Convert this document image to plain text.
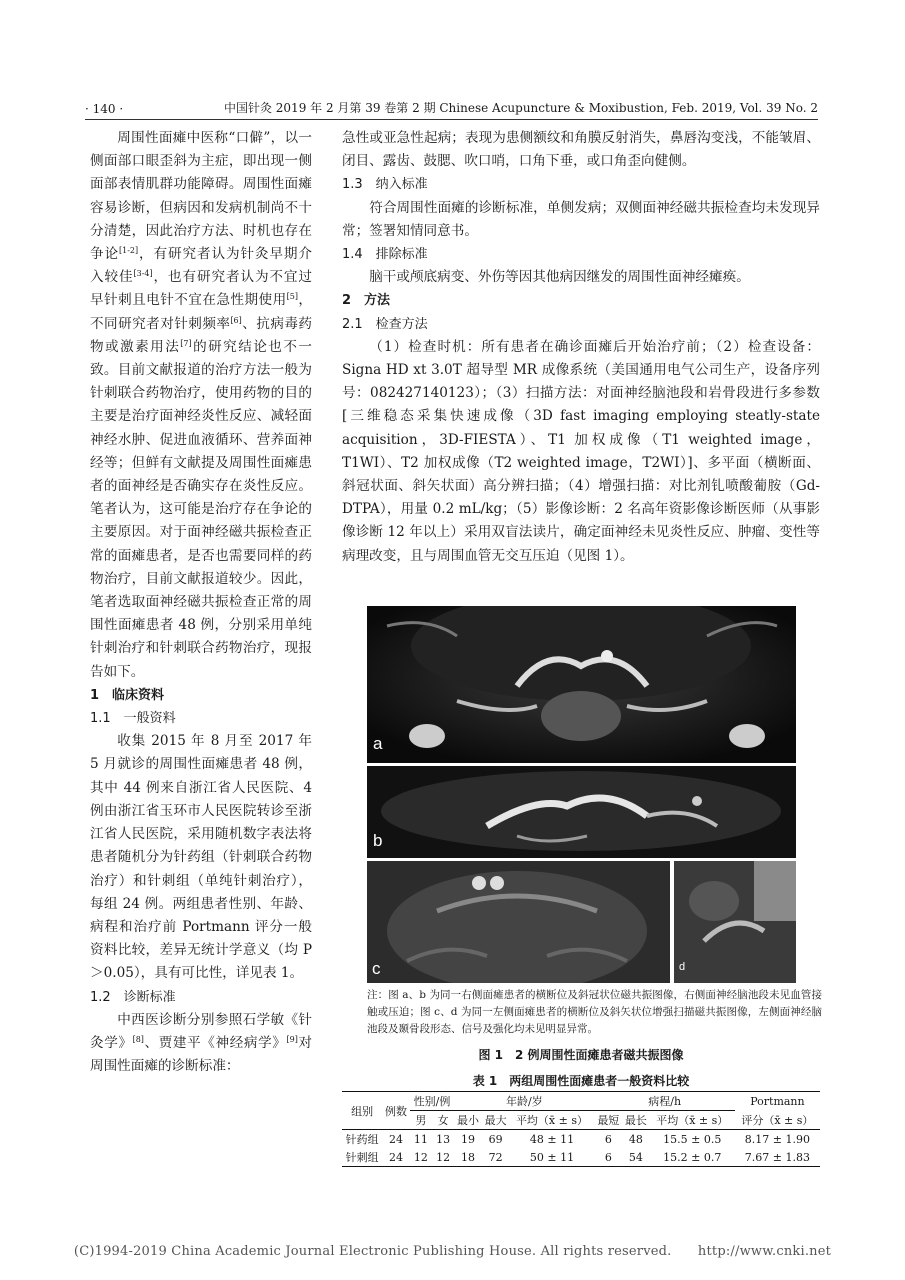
· 140 ·	中国针灸 2019 年 2 月第 39 卷第 2 期 Chinese Acupuncture & Moxibustion, Feb. 2019, Vol. 39 No. 2

周围性面瘫中医称“口僻”，以一侧面部口眼歪斜为主症，即出现一侧面部表情肌群功能障碍。周围性面瘫容易诊断，但病因和发病机制尚不十分清楚，因此治疗方法、时机也存在争论[1-2]，有研究者认为针灸早期介入较佳[3-4]，也有研究者认为不宜过早针刺且电针不宜在急性期使用[5]，不同研究者对针刺频率[6]、抗病毒药物或激素用法[7]的研究结论也不一致。目前文献报道的治疗方法一般为针刺联合药物治疗，使用药物的目的主要是治疗面神经炎性反应、减轻面神经水肿、促进血液循环、营养面神经等；但鲜有文献提及周围性面瘫患者的面神经是否确实存在炎性反应。笔者认为，这可能是治疗存在争论的主要原因。对于面神经磁共振检查正常的面瘫患者，是否也需要同样的药物治疗，目前文献报道较少。因此，笔者选取面神经磁共振检查正常的周围性面瘫患者 48 例，分别采用单纯针刺治疗和针刺联合药物治疗，现报告如下。

1　临床资料

1.1　一般资料

收集 2015 年 8 月至 2017 年 5 月就诊的周围性面瘫患者 48 例，其中 44 例来自浙江省人民医院、4 例由浙江省玉环市人民医院转诊至浙江省人民医院，采用随机数字表法将患者随机分为针药组（针刺联合药物治疗）和针刺组（单纯针刺治疗），每组 24 例。两组患者性别、年龄、病程和治疗前 Portmann 评分一般资料比较，差异无统计学意义（均 P＞0.05），具有可比性，详见表 1。

1.2　诊断标准

中西医诊断分别参照石学敏《针灸学》[8]、贾建平《神经病学》[9]对周围性面瘫的诊断标准：

急性或亚急性起病；表现为患侧额纹和角膜反射消失，鼻唇沟变浅，不能皱眉、闭目、露齿、鼓腮、吹口哨，口角下垂，或口角歪向健侧。

1.3　纳入标准

符合周围性面瘫的诊断标准，单侧发病；双侧面神经磁共振检查均未发现异常；签署知情同意书。

1.4　排除标准

脑干或颅底病变、外伤等因其他病因继发的周围性面神经瘫痪。

2　方法

2.1　检查方法

（1）检查时机：所有患者在确诊面瘫后开始治疗前；（2）检查设备：Signa HD xt 3.0T 超导型 MR 成像系统（美国通用电气公司生产，设备序列号：082427140123）；（3）扫描方法：对面神经脑池段和岩骨段进行多参数[三维稳态采集快速成像（3D fast imaging employing steatly-state acquisition，3D-FIESTA）、T1 加权成像（T1 weighted image，T1WI）、T2 加权成像（T2 weighted image，T2WI）]、多平面（横断面、斜冠状面、斜矢状面）高分辨扫描；（4）增强扫描：对比剂钆喷酸葡胺（Gd-DTPA），用量 0.2 mL/kg；（5）影像诊断：2 名高年资影像诊断医师（从事影像诊断 12 年以上）采用双盲法读片，确定面神经未见炎性反应、肿瘤、变性等病理改变，且与周围血管无交互压迫（见图 1）。

a
b
c	d
注：图 a、b 为同一右侧面瘫患者的横断位及斜冠状位磁共振图像，右侧面神经脑池段未见血管接触或压迫；图 c、d 为同一左侧面瘫患者的横断位及斜矢状位增强扫描磁共振图像，左侧面神经脑池段及颞骨段形态、信号及强化均未见明显异常。
图 1　2 例周围性面瘫患者磁共振图像
表 1　两组周围性面瘫患者一般资料比较
组别	例数	性别/例		年龄/岁			病程/h			Portmann
		男	女	最小	最大	平均（x̄ ± s）	最短	最长	平均（x̄ ± s）	评分（x̄ ± s）
针药组	24	11	13	19	69	48 ± 11	6	48	15.5 ± 0.5	8.17 ± 1.90
针刺组	24	12	12	18	72	50 ± 11	6	54	15.2 ± 0.7	7.67 ± 1.83
(C)1994-2019 China Academic Journal Electronic Publishing House. All rights reserved.　　http://www.cnki.net
